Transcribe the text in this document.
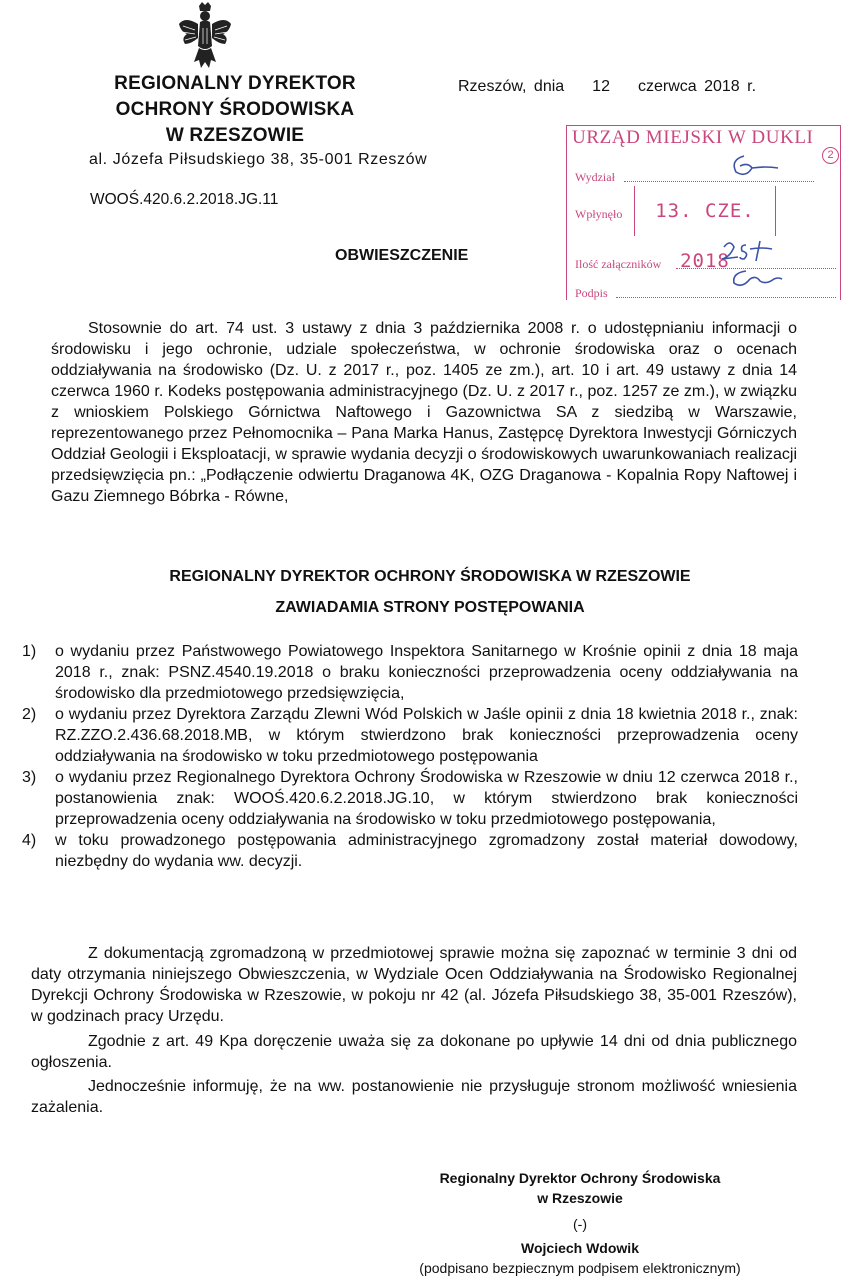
REGIONALNY DYREKTOR
OCHRONY ŚRODOWISKA
W RZESZOWIE
al. Józefa Piłsudskiego 38, 35-001 Rzeszów
WOOŚ.420.6.2.2018.JG.11
Rzeszów, dnia 12 czerwca 2018 r.
URZĄD MIEJSKI W DUKLI
2
Wydział
Wpłynęło	13. CZE. 2018
Ilość załączników
Podpis
OBWIESZCZENIE

Stosownie do art. 74 ust. 3 ustawy z dnia 3 października 2008 r. o udostępnianiu informacji o środowisku i jego ochronie, udziale społeczeństwa, w ochronie środowiska oraz o ocenach oddziaływania na środowisko (Dz. U. z 2017 r., poz. 1405 ze zm.), art. 10 i art. 49 ustawy z dnia 14 czerwca 1960 r. Kodeks postępowania administracyjnego (Dz. U. z 2017 r., poz. 1257 ze zm.), w związku z wnioskiem Polskiego Górnictwa Naftowego i Gazownictwa SA z siedzibą w Warszawie, reprezentowanego przez Pełnomocnika – Pana Marka Hanus, Zastępcę Dyrektora Inwestycji Górniczych Oddział Geologii i Eksploatacji, w sprawie wydania decyzji o środowiskowych uwarunkowaniach realizacji przedsięwzięcia pn.: „Podłączenie odwiertu Draganowa 4K, OZG Draganowa - Kopalnia Ropy Naftowej i Gazu Ziemnego Bóbrka - Równe,

REGIONALNY DYREKTOR OCHRONY ŚRODOWISKA W RZESZOWIE
ZAWIADAMIA STRONY POSTĘPOWANIA
1)	o wydaniu przez Państwowego Powiatowego Inspektora Sanitarnego w Krośnie opinii z dnia 18 maja 2018 r., znak: PSNZ.4540.19.2018 o braku konieczności przeprowadzenia oceny oddziaływania na środowisko dla przedmiotowego przedsięwzięcia,
2)	o wydaniu przez Dyrektora Zarządu Zlewni Wód Polskich w Jaśle opinii z dnia 18 kwietnia 2018 r., znak: RZ.ZZO.2.436.68.2018.MB, w którym stwierdzono brak konieczności przeprowadzenia oceny oddziaływania na środowisko w toku przedmiotowego postępowania
3)	o wydaniu przez Regionalnego Dyrektora Ochrony Środowiska w Rzeszowie w dniu 12 czerwca 2018 r., postanowienia znak: WOOŚ.420.6.2.2018.JG.10, w którym stwierdzono brak konieczności przeprowadzenia oceny oddziaływania na środowisko w toku przedmiotowego postępowania,
4)	w toku prowadzonego postępowania administracyjnego zgromadzony został materiał dowodowy, niezbędny do wydania ww. decyzji.

Z dokumentacją zgromadzoną w przedmiotowej sprawie można się zapoznać w terminie 3 dni od daty otrzymania niniejszego Obwieszczenia, w Wydziale Ocen Oddziaływania na Środowisko Regionalnej Dyrekcji Ochrony Środowiska w Rzeszowie, w pokoju nr 42 (al. Józefa Piłsudskiego 38, 35-001 Rzeszów), w godzinach pracy Urzędu.

Zgodnie z art. 49 Kpa doręczenie uważa się za dokonane po upływie 14 dni od dnia publicznego ogłoszenia.

Jednocześnie informuję, że na ww. postanowienie nie przysługuje stronom możliwość wniesienia zażalenia.

Regionalny Dyrektor Ochrony Środowiska
w Rzeszowie
(-)
Wojciech Wdowik
(podpisano bezpiecznym podpisem elektronicznym)
